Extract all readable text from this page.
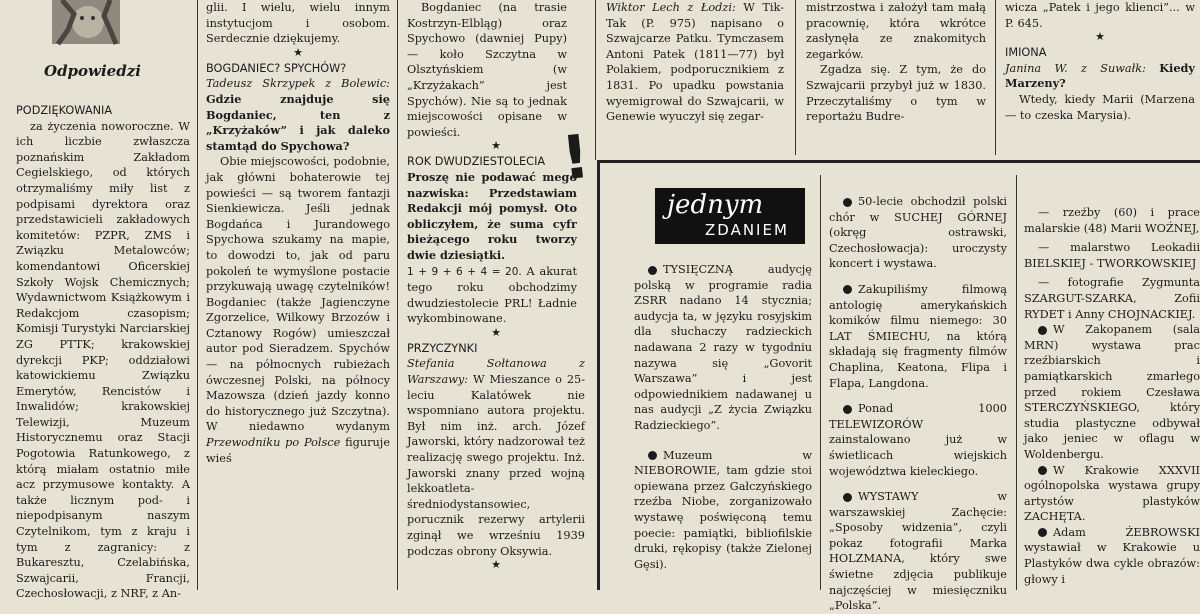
Odpowiedzi

PODZIĘKOWANIA

za życzenia noworoczne. W ich liczbie zwłaszcza poznańskim Zakładom Cegielskiego, od których otrzymaliśmy miły list z podpisami dyrektora oraz przedstawicieli zakładowych komitetów: PZPR, ZMS i Związku Metalowców; komendantowi Oficerskiej Szkoły Wojsk Chemicznych; Wydawnictwom Książkowym i Redakcjom czasopism; Komisji Turystyki Narciarskiej ZG PTTK; krakowskiej dyrekcji PKP; oddziałowi katowickiemu Związku Emerytów, Rencistów i Inwalidów; krakowskiej Telewizji, Muzeum Historycznemu oraz Stacji Pogotowia Ratunkowego, z którą miałam ostatnio miłe acz przymusowe kontakty. A także licznym pod- i niepodpisanym naszym Czytelnikom, tym z kraju i tym z zagranicy: z Bukaresztu, Czelabińska, Szwajcarii, Francji, Czechosłowacji, z NRF, z An-

glii. I wielu, wielu innym instytucjom i osobom. Serdecznie dziękujemy.

★

BOGDANIEC? SPYCHÓW?

Tadeusz Skrzypek z Bolewic: Gdzie znajduje się Bogdaniec, ten z „Krzyżaków” i jak daleko stamtąd do Spychowa?

Obie miejscowości, podobnie, jak główni bohaterowie tej powieści — są tworem fantazji Sienkiewicza. Jeśli jednak Bogdańca i Jurandowego Spychowa szukamy na mapie, to dowodzi to, jak od paru pokoleń te wymyślone postacie przykuwają uwagę czytelników! Bogdaniec (także Jagienczyne Zgorzelice, Wilkowy Brzozów i Cztanowy Rogów) umieszczał autor pod Sieradzem. Spychów — na północnych rubieżach ówczesnej Polski, na północy Mazowsza (dzień jazdy konno do historycznego już Szczytna). W niedawno wydanym Przewodniku po Polsce figuruje wieś

Bogdaniec (na trasie Kostrzyn-Elbląg) oraz Spychowo (dawniej Pupy) — koło Szczytna w Olsztyńskiem (w „Krzyżakach” jest Spychów). Nie są to jednak miejscowości opisane w powieści.

★

ROK DWUDZIESTOLECIA

Proszę nie podawać mego nazwiska: Przedstawiam Redakcji mój pomysł. Oto obliczyłem, że suma cyfr bieżącego roku tworzy dwie dziesiątki.

1 + 9 + 6 + 4 = 20. A akurat tego roku obchodzimy dwudziestolecie PRL! Ładnie wykombinowane.

★

PRZYCZYNKI

Stefania Sołtanowa z Warszawy: W Mieszance o 25-leciu Kalatówek nie wspomniano autora projektu. Był nim inż. arch. Józef Jaworski, który nadzorował też realizację swego projektu. Inż. Jaworski znany przed wojną lekkoatleta-średniodystansowiec, porucznik rezerwy artylerii zginął we wrześniu 1939 podczas obrony Oksywia.

★

!

Wiktor Lech z Łodzi: W Tik-Tak (P. 975) napisano o Szwajcarze Patku. Tymczasem Antoni Patek (1811—77) był Polakiem, podporucznikiem z 1831. Po upadku powstania wyemigrował do Szwajcarii, w Genewie wyuczył się zegar-

mistrzostwa i założył tam małą pracownię, która wkrótce zasłynęła ze znakomitych zegarków.

Zgadza się. Z tym, że do Szwajcarii przybył już w 1830. Przeczytaliśmy o tym w reportażu Budre-

wicza „Patek i jego klienci”... w P. 645.

★

IMIONA

Janina W. z Suwałk: Kiedy Marzeny?

Wtedy, kiedy Marii (Marzena — to czeska Marysia).

jednym
ZDANIEM

TYSIĘCZNĄ audycję polską w programie radia ZSRR nadano 14 stycznia; audycja ta, w języku rosyjskim dla słuchaczy radzieckich nadawana 2 razy w tygodniu nazywa się „Govorit Warszawa” i jest odpowiednikiem nadawanej u nas audycji „Z życia Związku Radzieckiego”.

Muzeum w NIEBOROWIE, tam gdzie stoi opiewana przez Gałczyńskiego rzeźba Niobe, zorganizowało wystawę poświęconą temu poecie: pamiątki, bibliofilskie druki, rękopisy (także Zielonej Gęsi).

50-lecie obchodził polski chór w SUCHEJ GÓRNEJ (okręg ostrawski, Czechosłowacja): uroczysty koncert i wystawa.

Zakupiliśmy filmową antologię amerykańskich komików filmu niemego: 30 LAT ŚMIECHU, na którą składają się fragmenty filmów Chaplina, Keatona, Flipa i Flapa, Langdona.

Ponad 1000 TELEWIZORÓW zainstalowano już w świetlicach wiejskich województwa kieleckiego.

WYSTAWY w warszawskiej Zachęcie: „Sposoby widzenia”, czyli pokaz fotografii Marka HOLZMANA, który swe świetne zdjęcia publikuje najczęściej w miesięczniku „Polska”.

— rzeźby (60) i prace malarskie (48) Marii WOŹNEJ,

— malarstwo Leokadii BIELSKIEJ - TWORKOWSKIEJ

— fotografie Zygmunta SZARGUT-SZARKA, Zofii RYDET i Anny CHOJNACKIEJ.

W Zakopanem (sala MRN) wystawa prac rzeźbiarskich i pamiątkarskich zmarłego przed rokiem Czesława STERCZYŃSKIEGO, który studia plastyczne odbywał jako jeniec w oflagu w Woldenbergu.

W Krakowie XXXVII ogólnopolska wystawa grupy artystów plastyków ZACHĘTA.

Adam ŻEBROWSKI wystawiał w Krakowie u Plastyków dwa cykle obrazów: głowy i
